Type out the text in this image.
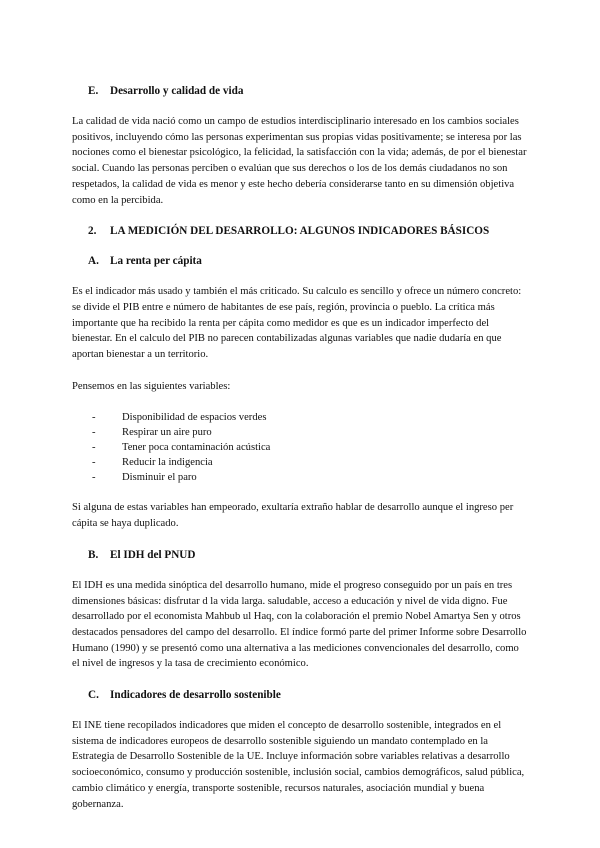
E.	Desarrollo y calidad de vida

La calidad de vida nació como un campo de estudios interdisciplinario interesado en los cambios sociales positivos, incluyendo cómo las personas experimentan sus propias vidas positivamente; se interesa por las nociones como el bienestar psicológico, la felicidad, la satisfacción con la vida; además, de por el bienestar social. Cuando las personas perciben o evalúan que sus derechos o los de los demás ciudadanos no son respetados, la calidad de vida es menor y este hecho debería considerarse tanto en su dimensión objetiva como en la percibida.

2.	LA MEDICIÓN DEL DESARROLLO: ALGUNOS INDICADORES BÁSICOS
A. La renta per cápita

Es el indicador más usado y también el más criticado. Su calculo es sencillo y ofrece un número concreto: se divide el PIB entre e número de habitantes de ese país, región, provincia o pueblo. La crítica más importante que ha recibido la renta per cápita como medidor es que es un indicador imperfecto del bienestar. En el calculo del PIB no parecen contabilizadas algunas variables que nadie dudaría en que aportan bienestar a un territorio.

Pensemos en las siguientes variables:

-	Disponibilidad de espacios verdes
-	Respirar un aire puro
-	Tener poca contaminación acústica
-	Reducir la indigencia
-	Disminuir el paro

Si alguna de estas variables han empeorado, exultaría extraño hablar de desarrollo aunque el ingreso per cápita se haya duplicado.

B.	El IDH del PNUD

El IDH es una medida sinóptica del desarrollo humano, mide el progreso conseguido por un país en tres dimensiones básicas: disfrutar d la vida larga. saludable, acceso a educación y nivel de vida digno. Fue desarrollado por el economista Mahbub ul Haq, con la colaboración el premio Nobel Amartya Sen y otros destacados pensadores del campo del desarrollo. El índice formó parte del primer Informe sobre Desarrollo Humano (1990) y se presentó como una alternativa a las mediciones convencionales del desarrollo, como el nivel de ingresos y la tasa de crecimiento económico.

C. Indicadores de desarrollo sostenible

El INE tiene recopilados indicadores que miden el concepto de desarrollo sostenible, integrados en el sistema de indicadores europeos de desarrollo sostenible siguiendo un mandato contemplado en la Estrategia de Desarrollo Sostenible de la UE. Incluye información sobre variables relativas a desarrollo socioeconómico, consumo y producción sostenible, inclusión social, cambios demográficos, salud pública, cambio climático y energía, transporte sostenible, recursos naturales, asociación mundial y buena gobernanza.
